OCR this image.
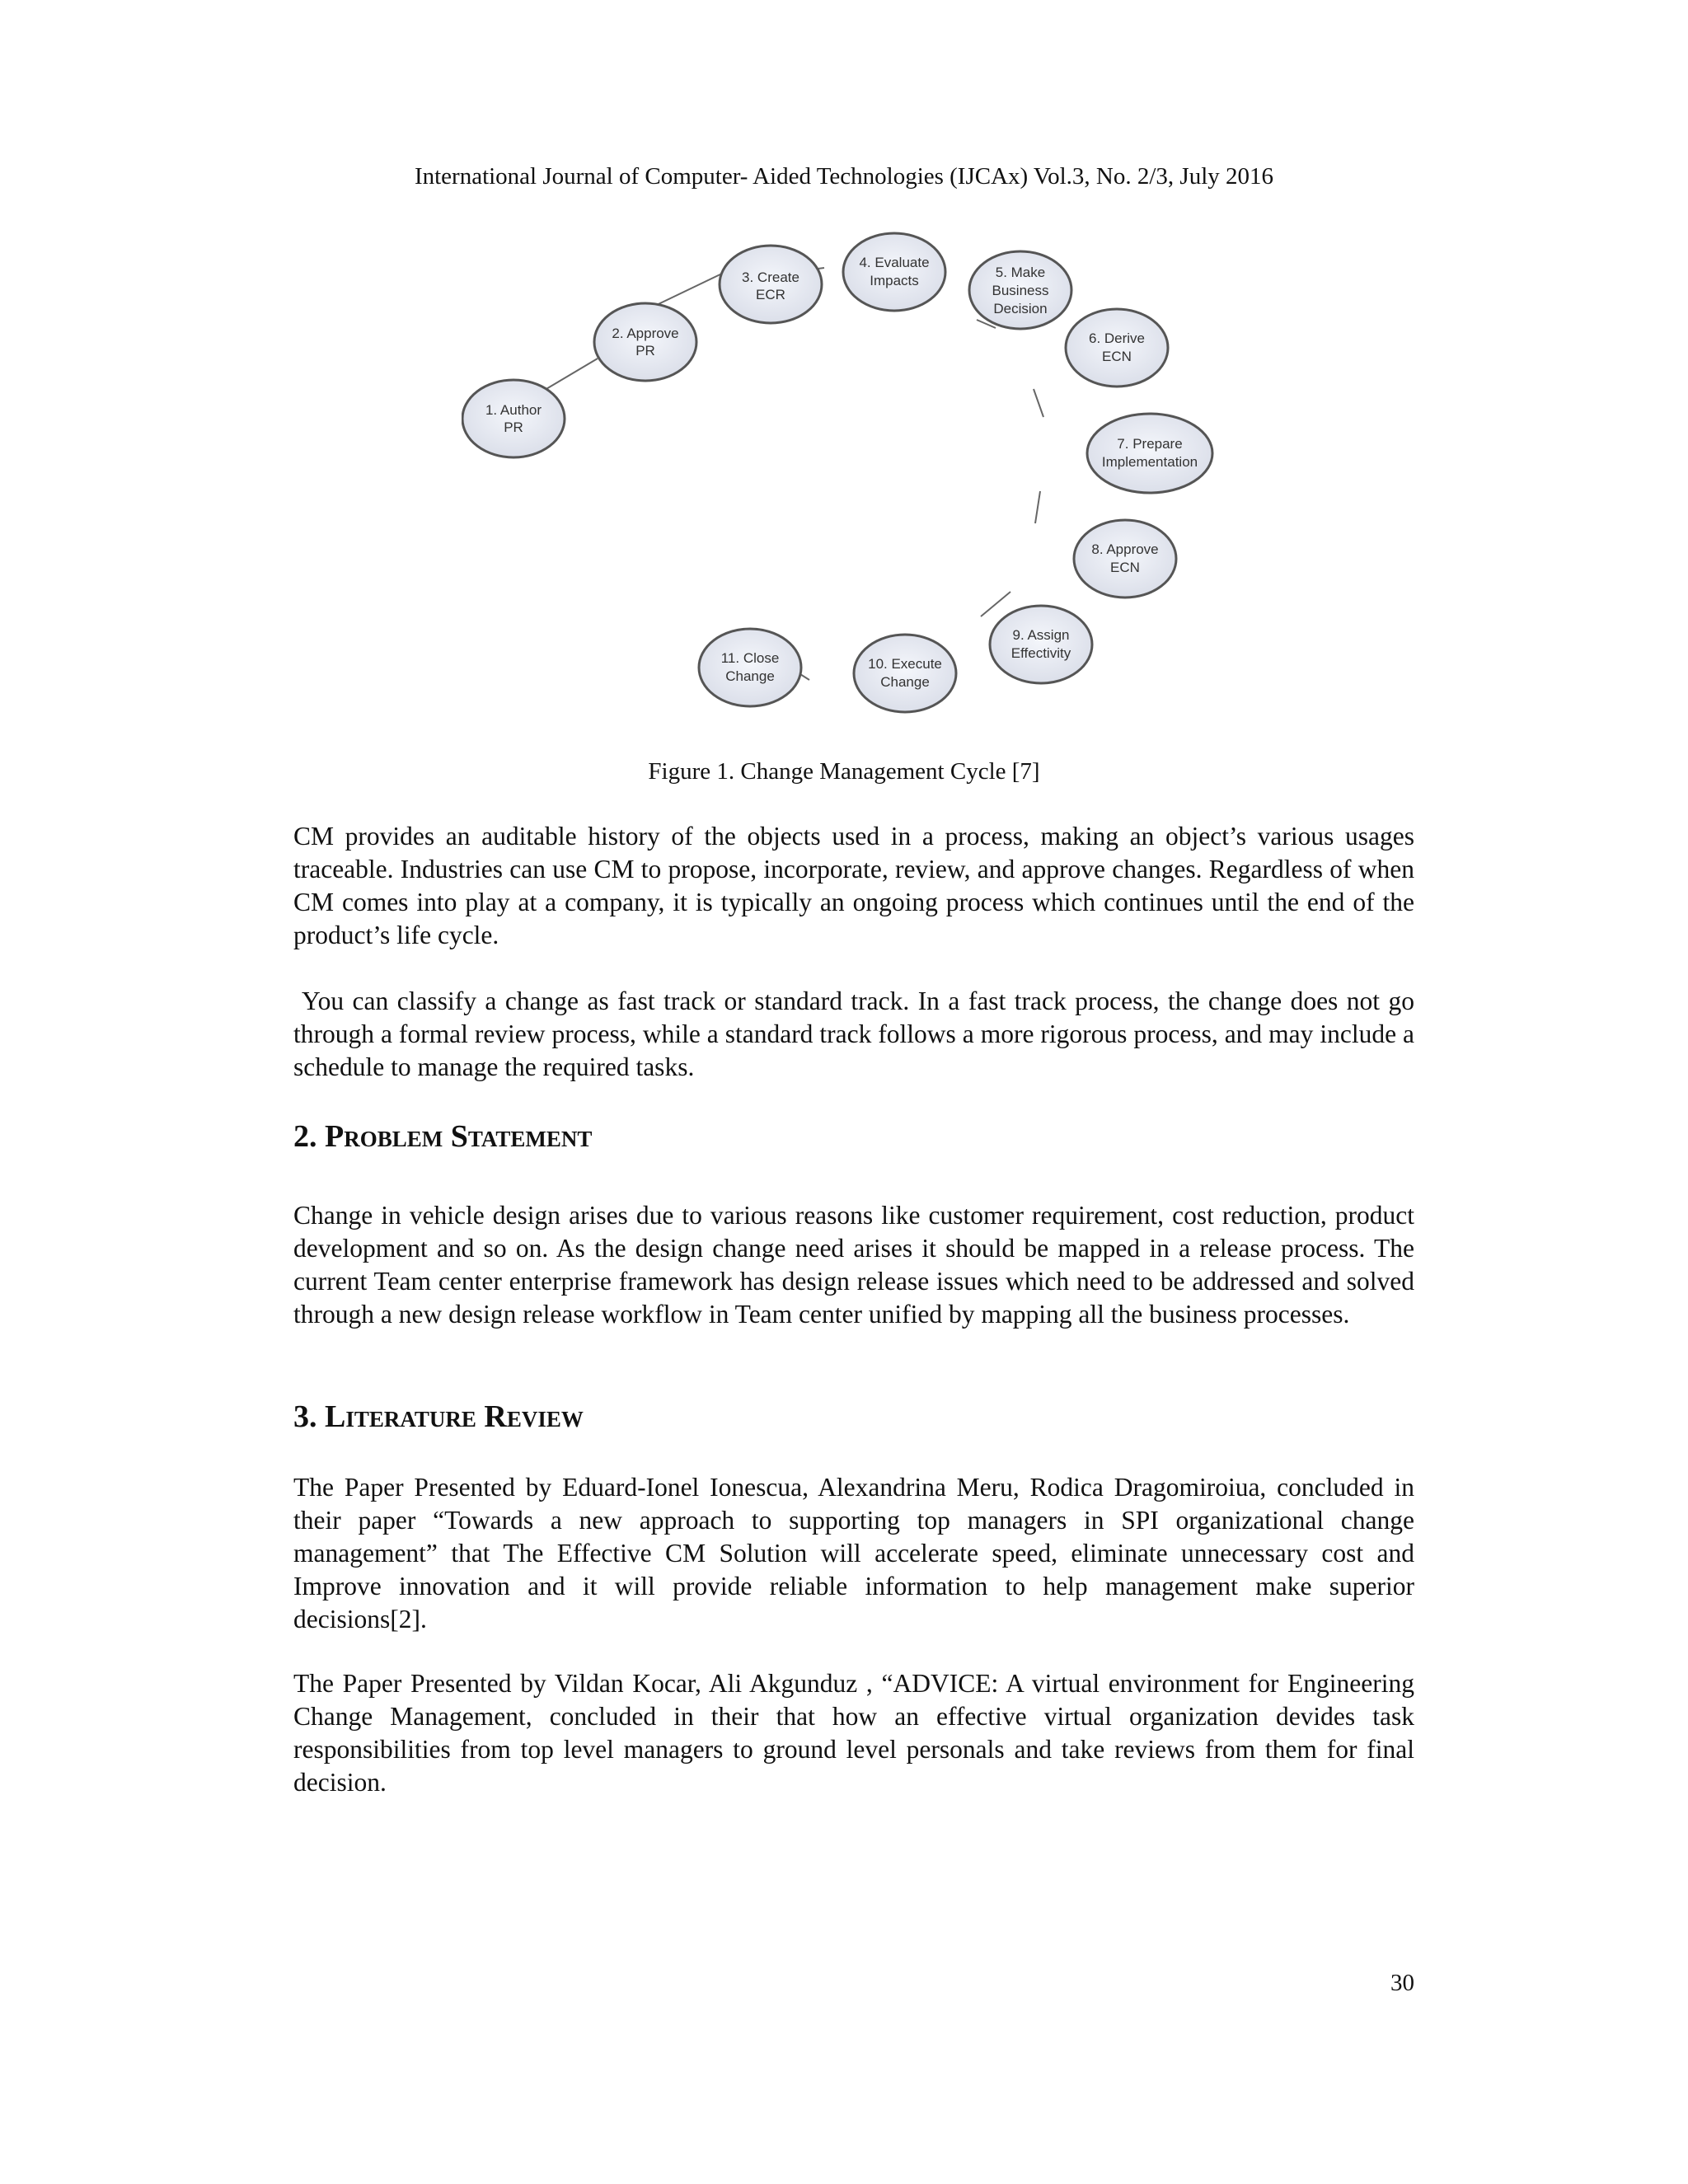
International Journal of Computer- Aided Technologies (IJCAx) Vol.3, No. 2/3, July 2016
1. Author
PR
2. Approve
PR
3. Create
ECR
4. Evaluate
Impacts
5. Make
Business
Decision
6. Derive
ECN
7. Prepare
Implementation
8. Approve
ECN
9. Assign
Effectivity
10. Execute
Change
11. Close
Change
Figure 1. Change Management Cycle [7]

CM provides an auditable history of the objects used in a process, making an object’s various usages traceable. Industries can use CM to propose, incorporate, review, and approve changes. Regardless of when CM comes into play at a company, it is typically an ongoing process which continues until the end of the product’s life cycle.

You can classify a change as fast track or standard track. In a fast track process, the change does not go through a formal review process, while a standard track follows a more rigorous process, and may include a schedule to manage the required tasks.

2. Problem Statement

Change in vehicle design arises due to various reasons like customer requirement, cost reduction, product development and so on. As the design change need arises it should be mapped in a release process. The current Team center enterprise framework has design release issues which need to be addressed and solved through a new design release workflow in Team center unified by mapping all the business processes.

3. Literature Review

The Paper Presented by Eduard-Ionel Ionescua, Alexandrina Meru, Rodica Dragomiroiua, concluded in their paper “Towards a new approach to supporting top managers in SPI organizational change management” that The Effective CM Solution will accelerate speed, eliminate unnecessary cost and Improve innovation and it will provide reliable information to help management make superior decisions[2].

The Paper Presented by Vildan Kocar, Ali Akgunduz , “ADVICE: A virtual environment for Engineering Change Management, concluded in their that how an effective virtual organization devides task responsibilities from top level managers to ground level personals and take reviews from them for final decision.

30
